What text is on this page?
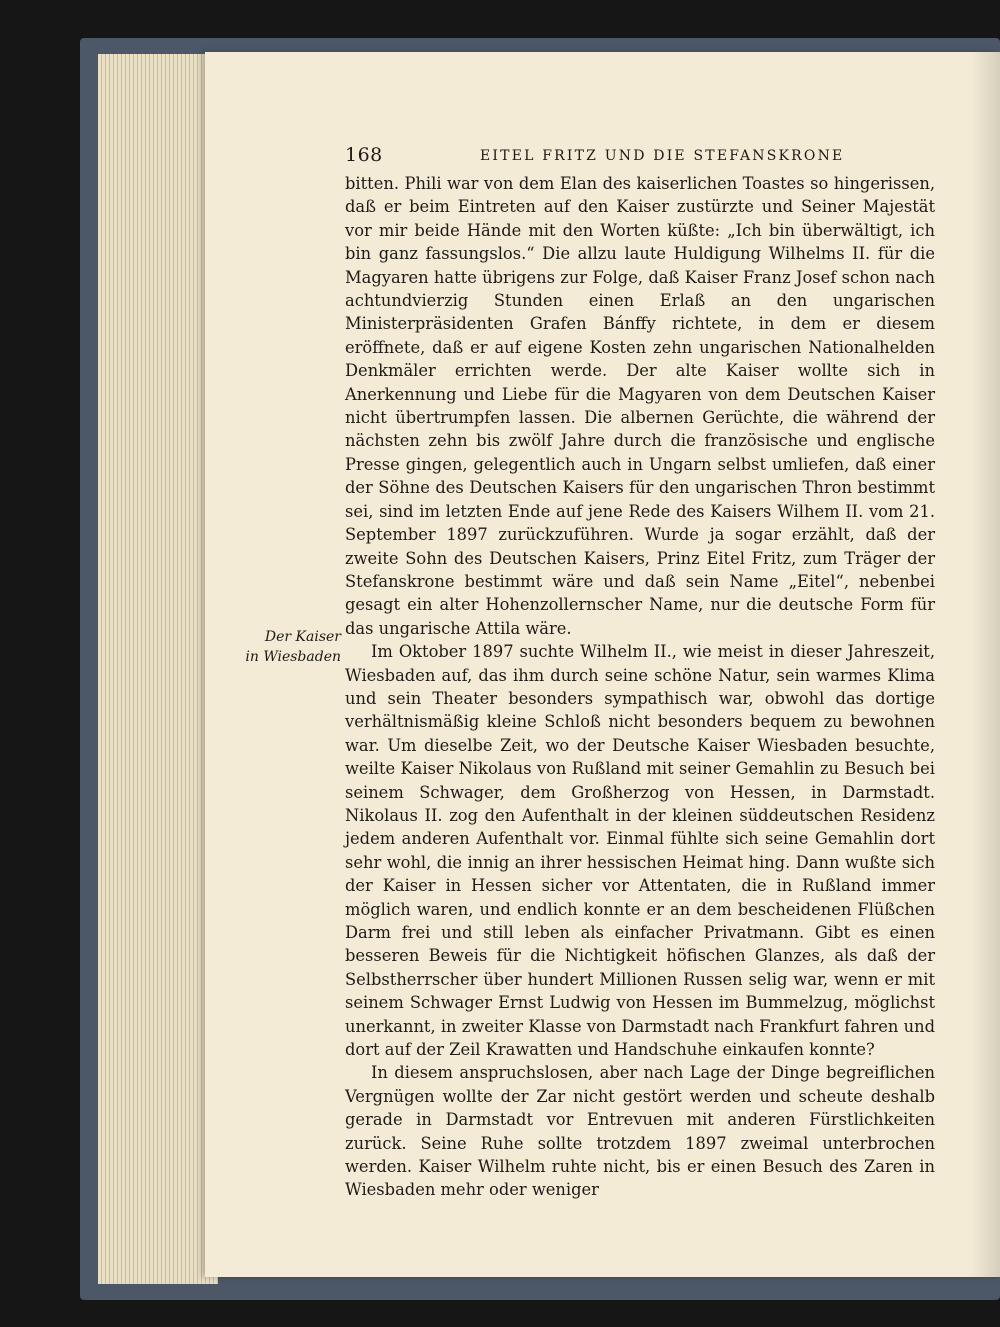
168	EITEL FRITZ UND DIE STEFANSKRONE
Der Kaiser
in Wiesbaden

bitten. Phili war von dem Elan des kaiserlichen Toastes so hingerissen, daß er beim Eintreten auf den Kaiser zustürzte und Seiner Majestät vor mir beide Hände mit den Worten küßte: „Ich bin überwältigt, ich bin ganz fassungslos.“ Die allzu laute Huldigung Wilhelms II. für die Magyaren hatte übrigens zur Folge, daß Kaiser Franz Josef schon nach achtundvierzig Stunden einen Erlaß an den ungarischen Ministerpräsidenten Grafen Bánffy richtete, in dem er diesem eröffnete, daß er auf eigene Kosten zehn ungarischen Nationalhelden Denkmäler errichten werde. Der alte Kaiser wollte sich in Anerkennung und Liebe für die Magyaren von dem Deutschen Kaiser nicht übertrumpfen lassen. Die albernen Gerüchte, die während der nächsten zehn bis zwölf Jahre durch die französische und englische Presse gingen, gelegentlich auch in Ungarn selbst umliefen, daß einer der Söhne des Deutschen Kaisers für den ungarischen Thron bestimmt sei, sind im letzten Ende auf jene Rede des Kaisers Wilhem II. vom 21. September 1897 zurückzuführen. Wurde ja sogar erzählt, daß der zweite Sohn des Deutschen Kaisers, Prinz Eitel Fritz, zum Träger der Stefanskrone bestimmt wäre und daß sein Name „Eitel“, nebenbei gesagt ein alter Hohenzollernscher Name, nur die deutsche Form für das ungarische Attila wäre.

Im Oktober 1897 suchte Wilhelm II., wie meist in dieser Jahreszeit, Wiesbaden auf, das ihm durch seine schöne Natur, sein warmes Klima und sein Theater besonders sympathisch war, obwohl das dortige verhältnismäßig kleine Schloß nicht besonders bequem zu bewohnen war. Um dieselbe Zeit, wo der Deutsche Kaiser Wiesbaden besuchte, weilte Kaiser Nikolaus von Rußland mit seiner Gemahlin zu Besuch bei seinem Schwager, dem Großherzog von Hessen, in Darmstadt. Nikolaus II. zog den Aufenthalt in der kleinen süddeutschen Residenz jedem anderen Aufenthalt vor. Einmal fühlte sich seine Gemahlin dort sehr wohl, die innig an ihrer hessischen Heimat hing. Dann wußte sich der Kaiser in Hessen sicher vor Attentaten, die in Rußland immer möglich waren, und endlich konnte er an dem bescheidenen Flüßchen Darm frei und still leben als einfacher Privatmann. Gibt es einen besseren Beweis für die Nichtigkeit höfischen Glanzes, als daß der Selbstherrscher über hundert Millionen Russen selig war, wenn er mit seinem Schwager Ernst Ludwig von Hessen im Bummelzug, möglichst unerkannt, in zweiter Klasse von Darmstadt nach Frankfurt fahren und dort auf der Zeil Krawatten und Handschuhe einkaufen konnte?

In diesem anspruchslosen, aber nach Lage der Dinge begreiflichen Vergnügen wollte der Zar nicht gestört werden und scheute deshalb gerade in Darmstadt vor Entrevuen mit anderen Fürstlichkeiten zurück. Seine Ruhe sollte trotzdem 1897 zweimal unterbrochen werden. Kaiser Wilhelm ruhte nicht, bis er einen Besuch des Zaren in Wiesbaden mehr oder weniger
